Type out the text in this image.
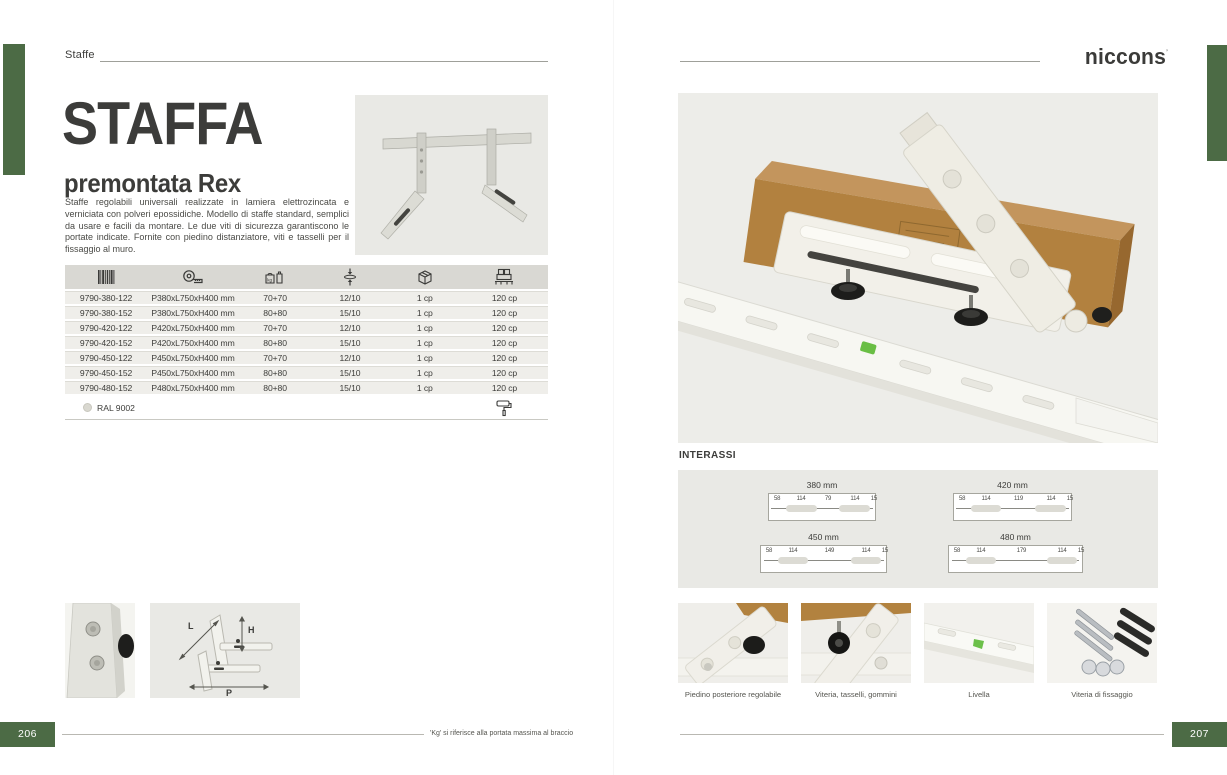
Staffe	niccons’
STAFFA
premontata Rex
Staffe regolabili universali realizzate in lamiera elettrozincata e verniciata con polveri epossidiche. Modello di staffe standard, semplici da usare e facili da montare. Le due viti di sicurezza garantiscono le portate indicate. Fornite con piedino distanziatore, viti e tasselli per il fissaggio al muro.
kg
9790-380-122 P380xL750xH400 mm	70+70	12/10	1 cp	120 cp
9790-380-152 P380xL750xH400 mm	80+80	15/10	1 cp	120 cp
9790-420-122 P420xL750xH400 mm	70+70	12/10	1 cp	120 cp
9790-420-152 P420xL750xH400 mm	80+80	15/10	1 cp	120 cp
9790-450-122 P450xL750xH400 mm	70+70	12/10	1 cp	120 cp
9790-450-152 P450xL750xH400 mm	80+80	15/10	1 cp	120 cp
9790-480-152 P480xL750xH400 mm	80+80	15/10	1 cp	120 cp
RAL 9002
L	H
P
INTERASSI
380 mm
58	114	79	114	15
420 mm
58	114	119	114	15
450 mm
58	114	149	114	15
480 mm
58	114	179	114	15
Piedino posteriore regolabile	Viteria, tasselli, gommini	Livella	Viteria di fissaggio
206	'Kg' si riferisce alla portata massima al braccio	207
